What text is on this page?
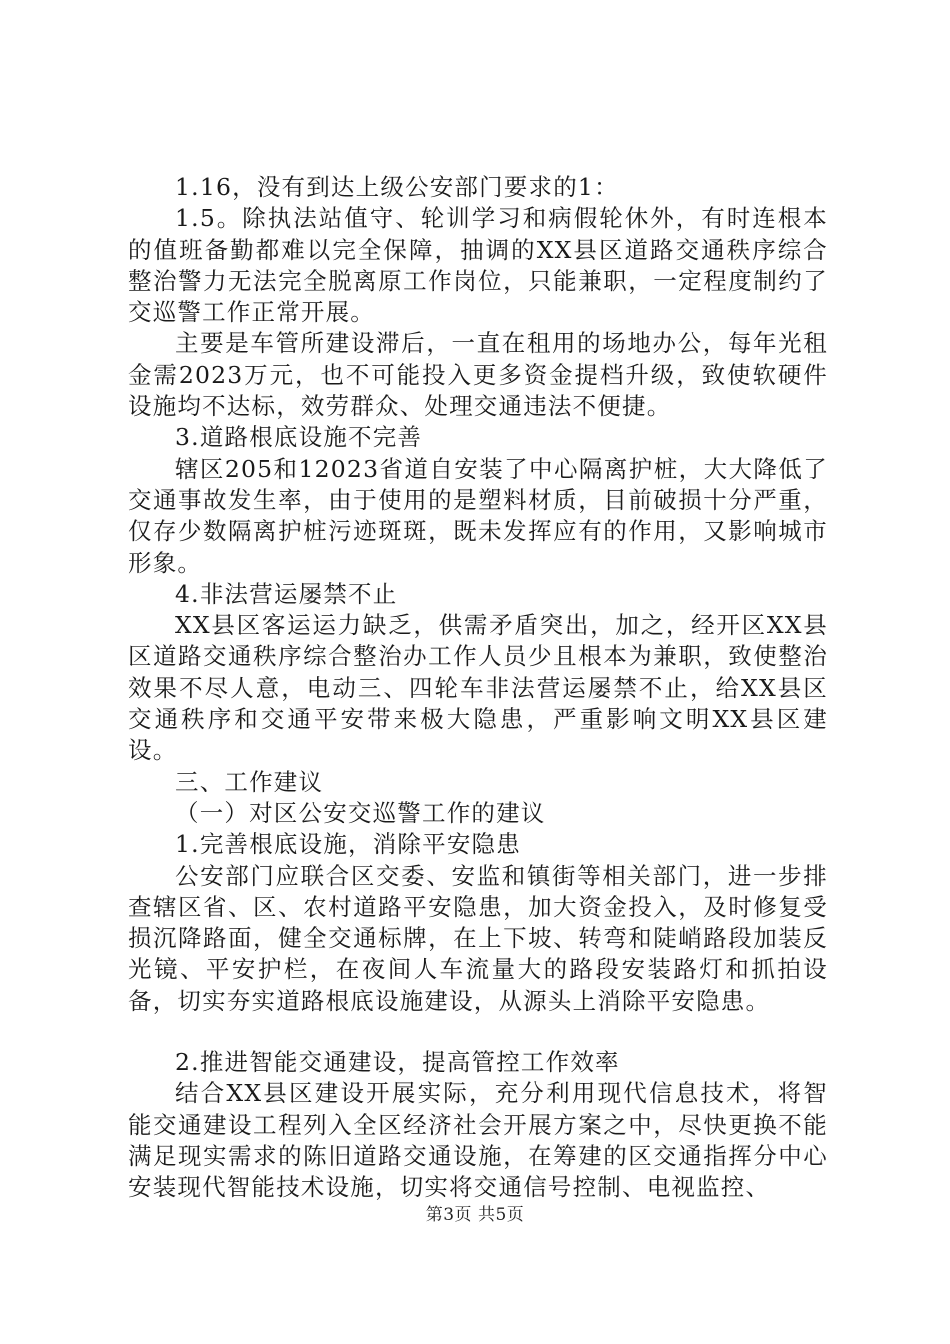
1.16，没有到达上级公安部门要求的1：

1.5。除执法站值守、轮训学习和病假轮休外，有时连根本的值班备勤都难以完全保障，抽调的XX县区道路交通秩序综合整治警力无法完全脱离原工作岗位，只能兼职，一定程度制约了交巡警工作正常开展。

主要是车管所建设滞后，一直在租用的场地办公，每年光租金需2023万元，也不可能投入更多资金提档升级，致使软硬件设施均不达标，效劳群众、处理交通违法不便捷。

3.道路根底设施不完善

辖区205和12023省道自安装了中心隔离护桩，大大降低了交通事故发生率，由于使用的是塑料材质，目前破损十分严重，仅存少数隔离护桩污迹斑斑，既未发挥应有的作用，又影响城市形象。

4.非法营运屡禁不止

XX县区客运运力缺乏，供需矛盾突出，加之，经开区XX县区道路交通秩序综合整治办工作人员少且根本为兼职，致使整治效果不尽人意，电动三、四轮车非法营运屡禁不止，给XX县区交通秩序和交通平安带来极大隐患，严重影响文明XX县区建设。

三、工作建议

（一）对区公安交巡警工作的建议

1.完善根底设施，消除平安隐患

公安部门应联合区交委、安监和镇街等相关部门，进一步排查辖区省、区、农村道路平安隐患，加大资金投入，及时修复受损沉降路面，健全交通标牌，在上下坡、转弯和陡峭路段加装反光镜、平安护栏，在夜间人车流量大的路段安装路灯和抓拍设备，切实夯实道路根底设施建设，从源头上消除平安隐患。

2.推进智能交通建设，提高管控工作效率

结合XX县区建设开展实际，充分利用现代信息技术，将智能交通建设工程列入全区经济社会开展方案之中，尽快更换不能满足现实需求的陈旧道路交通设施，在筹建的区交通指挥分中心安装现代智能技术设施，切实将交通信号控制、电视监控、

第3页 共5页
